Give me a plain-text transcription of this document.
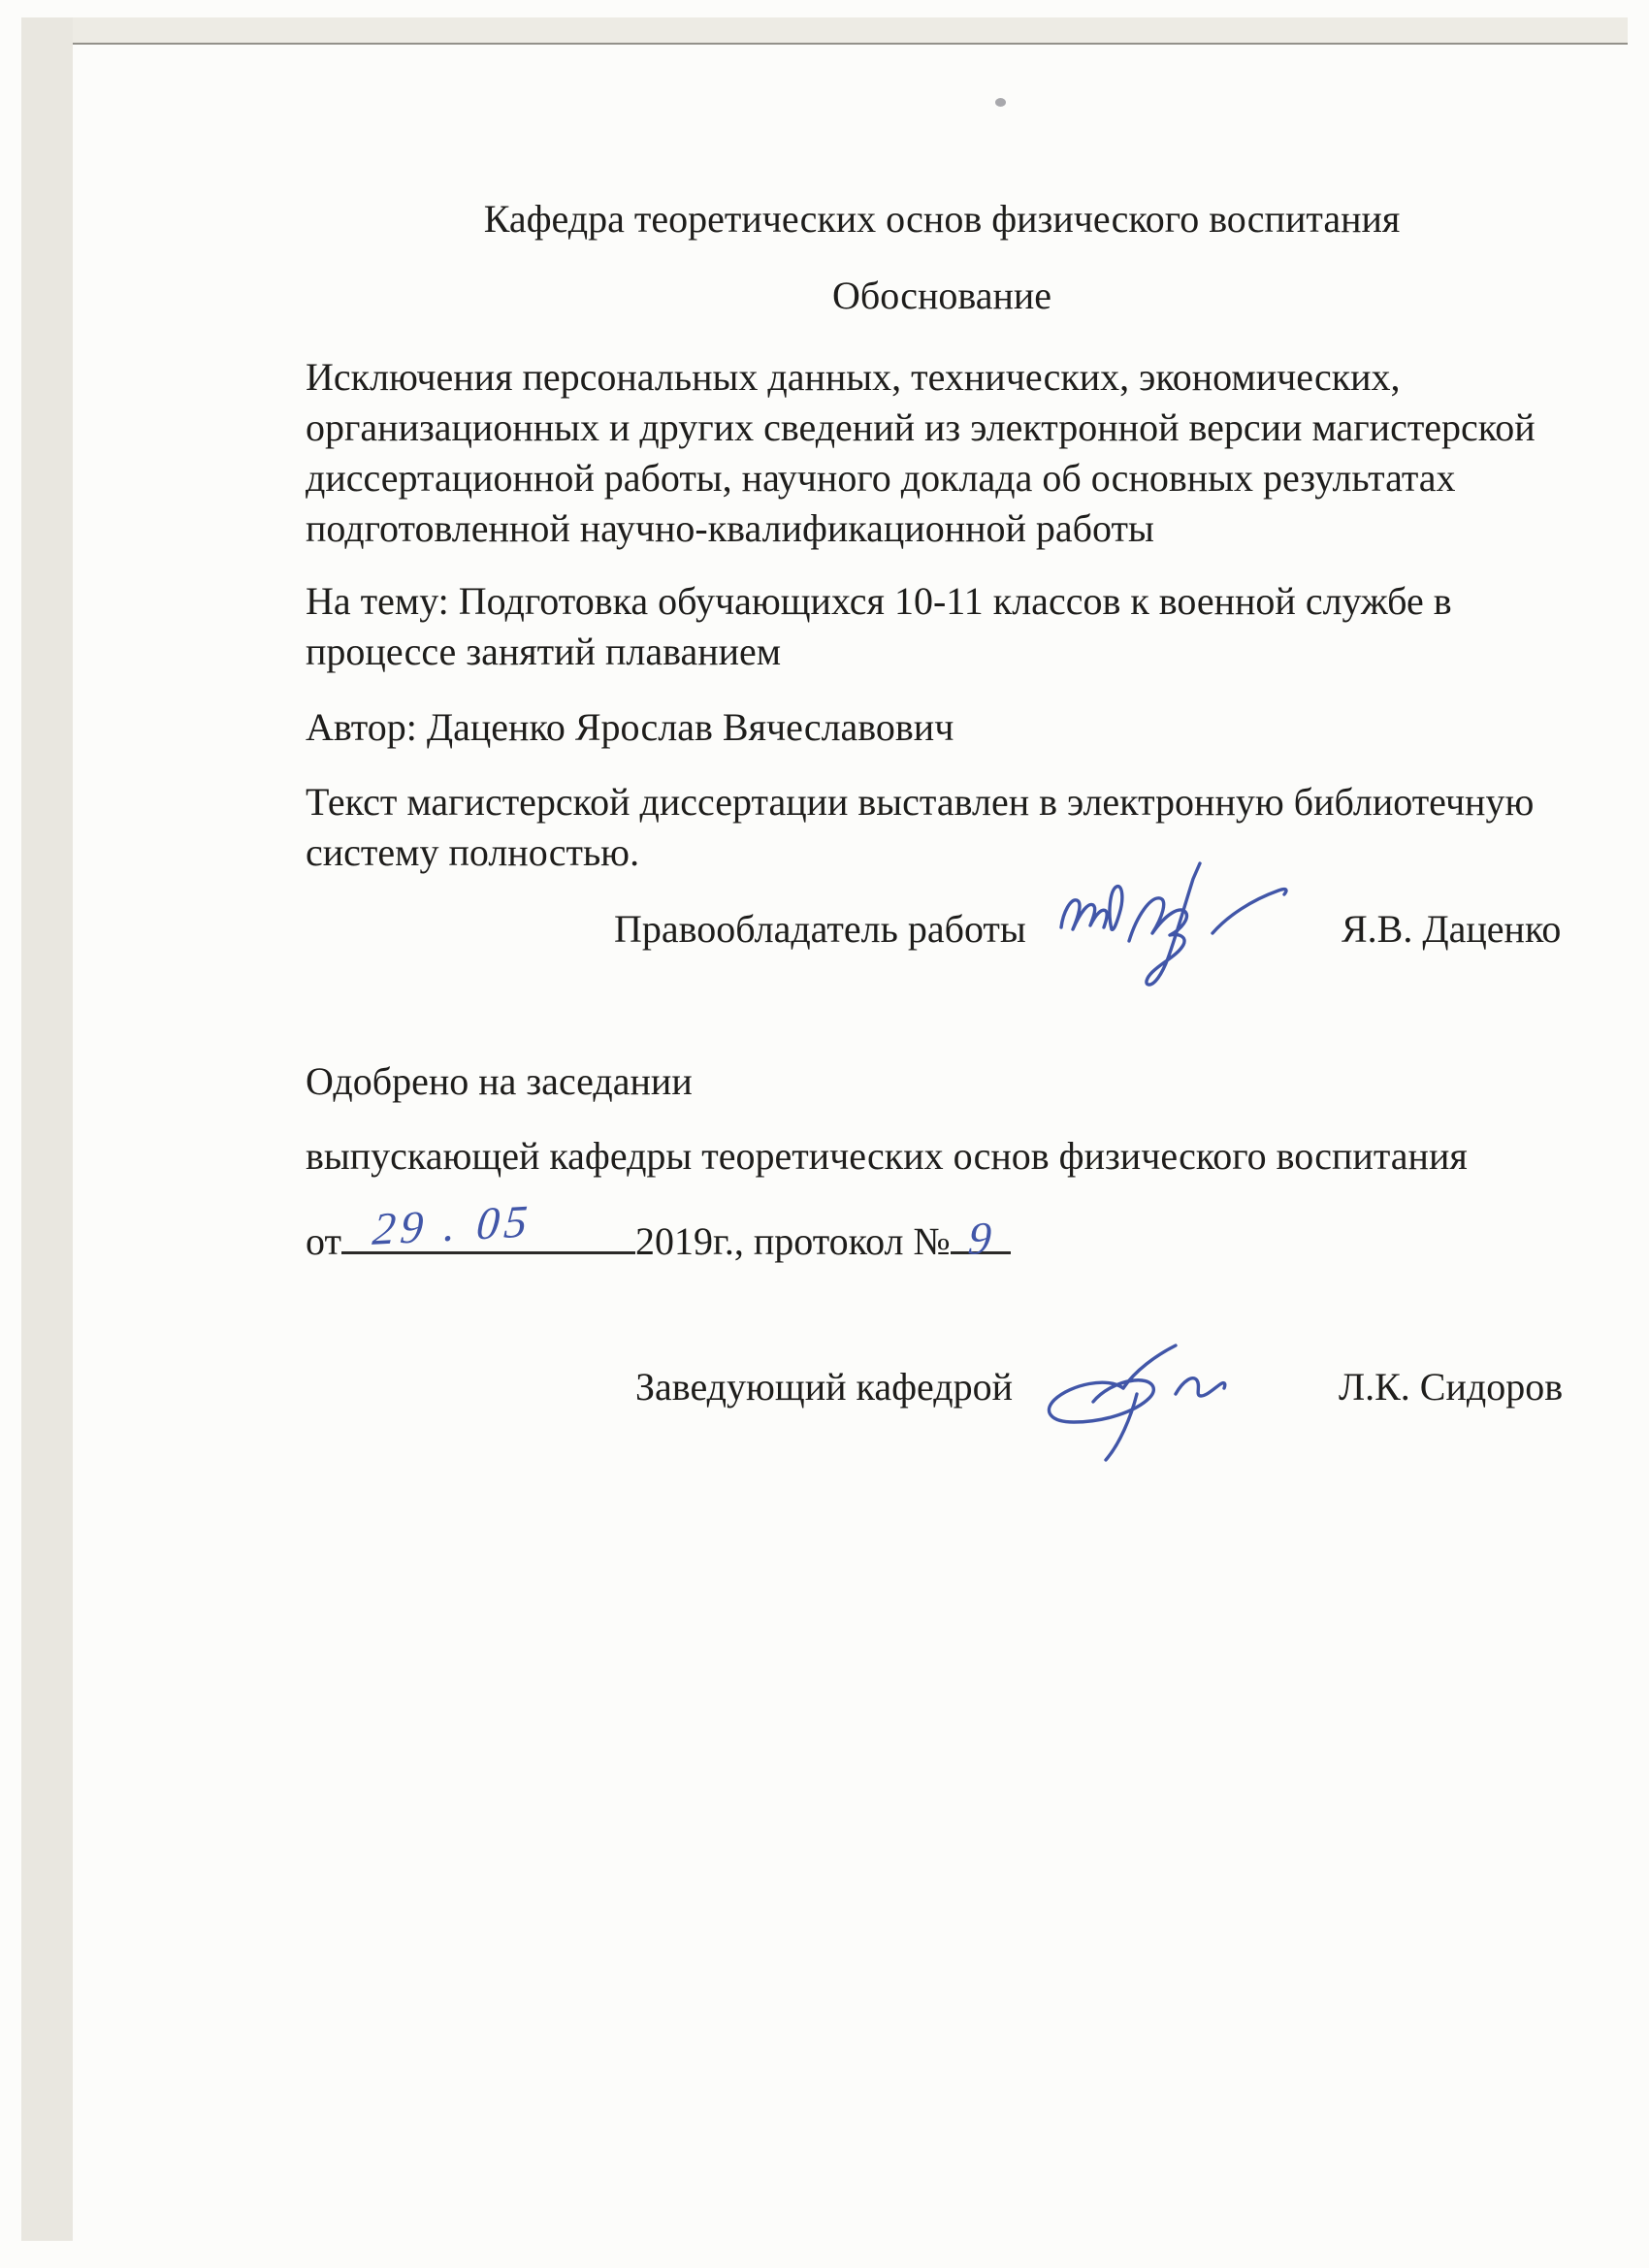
Кафедра теоретических основ физического воспитания
Обоснование
Исключения персональных данных, технических, экономических,
организационных и других сведений из электронной версии магистерской
диссертационной работы, научного доклада об основных результатах
подготовленной научно-квалификационной работы
На тему: Подготовка обучающихся 10-11 классов к военной службе в
процессе занятий плаванием
Автор: Даценко Ярослав Вячеславович
Текст магистерской диссертации выставлен в электронную библиотечную
систему полностью.
Правообладатель работы	Я.В. Даценко
Одобрено на заседании
выпускающей кафедры теоретических основ физического воспитания
от 29 . 05	2019г., протокол № 9
Заведующий кафедрой	Л.К. Сидоров
